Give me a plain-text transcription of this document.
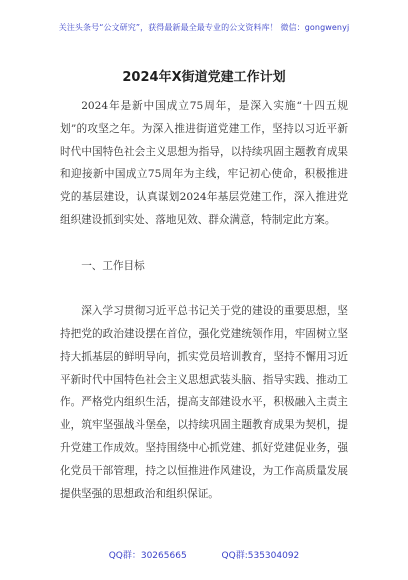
关注头条号“公文研究”，获得最新最全最专业的公文资料库！ 微信：gongwenyj
2024年X街道党建工作计划

2024年是新中国成立75周年，是深入实施“十四五规划”的攻坚之年。为深入推进街道党建工作，坚持以习近平新时代中国特色社会主义思想为指导，以持续巩固主题教育成果和迎接新中国成立75周年为主线，牢记初心使命，积极推进党的基层建设，认真谋划2024年基层党建工作，深入推进党组织建设抓到实处、落地见效、群众满意，特制定此方案。

一、工作目标

深入学习贯彻习近平总书记关于党的建设的重要思想，坚持把党的政治建设摆在首位，强化党建统领作用，牢固树立坚持大抓基层的鲜明导向，抓实党员培训教育，坚持不懈用习近平新时代中国特色社会主义思想武装头脑、指导实践、推动工作。严格党内组织生活，提高支部建设水平，积极融入主责主业，筑牢坚强战斗堡垒，以持续巩固主题教育成果为契机，提升党建工作成效。坚持围绕中心抓党建、抓好党建促业务，强化党员干部管理，持之以恒推进作风建设，为工作高质量发展提供坚强的思想政治和组织保证。

QQ群：30265665	QQ群:535304092
